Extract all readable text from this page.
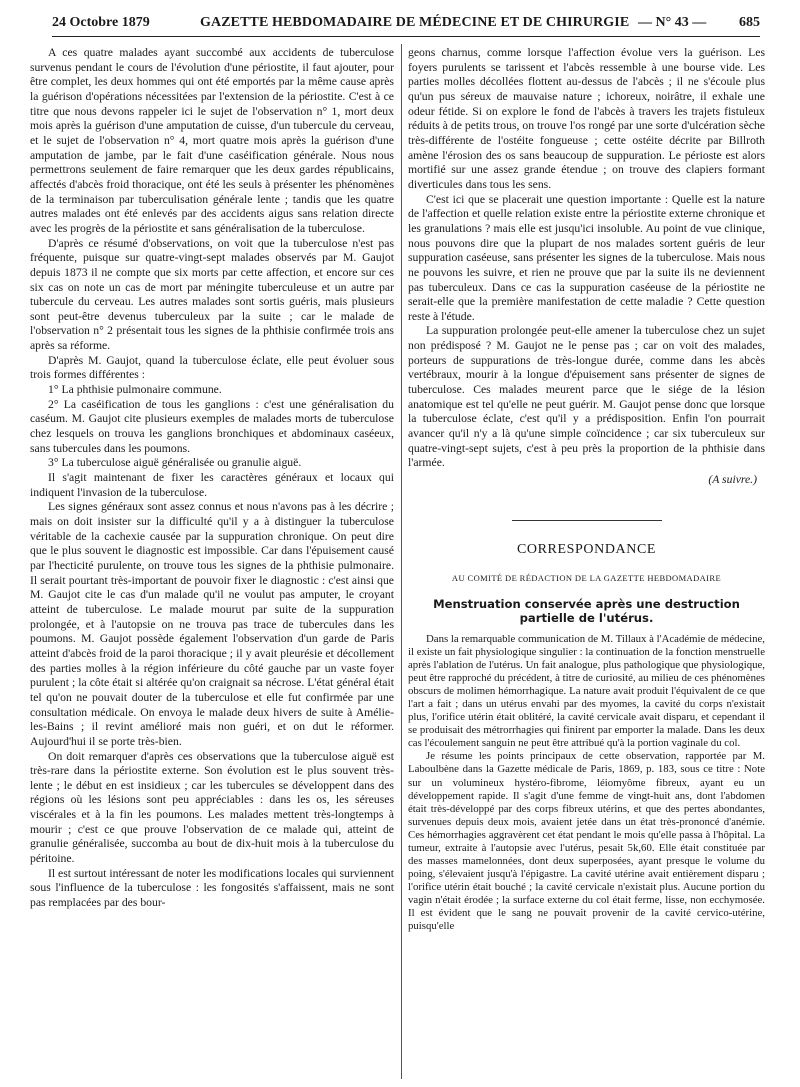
24 Octobre 1879	GAZETTE HEBDOMADAIRE DE MÉDECINE ET DE CHIRURGIE — N° 43 — 685

A ces quatre malades ayant succombé aux accidents de tuberculose survenus pendant le cours de l'évolution d'une périostite, il faut ajouter, pour être complet, les deux hommes qui ont été emportés par la même cause après la guérison d'opérations nécessitées par l'extension de la périostite. C'est à ce titre que nous devons rappeler ici le sujet de l'observation n° 1, mort deux mois après la guérison d'une amputation de cuisse, d'un tubercule du cerveau, et le sujet de l'observation n° 4, mort quatre mois après la guérison d'une amputation de jambe, par le fait d'une caséification générale. Nous nous permettrons seulement de faire remarquer que les deux gardes républicains, affectés d'abcès froid thoracique, ont été les seuls à présenter les phénomènes de la terminaison par tuberculisation générale lente ; tandis que les quatre autres malades ont été enlevés par des accidents aigus sans relation directe avec les progrès de la périostite et sans généralisation de la tuberculose.

D'après ce résumé d'observations, on voit que la tuberculose n'est pas fréquente, puisque sur quatre-vingt-sept malades observés par M. Gaujot depuis 1873 il ne compte que six morts par cette affection, et encore sur ces six cas on note un cas de mort par méningite tuberculeuse et un autre par tubercule du cerveau. Les autres malades sont sortis guéris, mais plusieurs sont peut-être devenus tuberculeux par la suite ; car le malade de l'observation n° 2 présentait tous les signes de la phthisie confirmée trois ans après sa réforme.

D'après M. Gaujot, quand la tuberculose éclate, elle peut évoluer sous trois formes différentes :

1° La phthisie pulmonaire commune.

2° La caséification de tous les ganglions : c'est une généralisation du caséum. M. Gaujot cite plusieurs exemples de malades morts de tuberculose chez lesquels on trouva les ganglions bronchiques et abdominaux caséeux, sans tubercules dans les poumons.

3° La tuberculose aiguë généralisée ou granulie aiguë.

Il s'agit maintenant de fixer les caractères généraux et locaux qui indiquent l'invasion de la tuberculose.

Les signes généraux sont assez connus et nous n'avons pas à les décrire ; mais on doit insister sur la difficulté qu'il y a à distinguer la tuberculose véritable de la cachexie causée par la suppuration chronique. On peut dire que le plus souvent le diagnostic est impossible. Car dans l'épuisement causé par l'hecticité purulente, on trouve tous les signes de la phthisie pulmonaire. Il serait pourtant très-important de pouvoir fixer le diagnostic : c'est ainsi que M. Gaujot cite le cas d'un malade qu'il ne voulut pas amputer, le croyant atteint de tuberculose. Le malade mourut par suite de la suppuration prolongée, et à l'autopsie on ne trouva pas trace de tubercules dans les poumons. M. Gaujot possède également l'observation d'un garde de Paris atteint d'abcès froid de la paroi thoracique ; il y avait pleurésie et décollement des parties molles à la région inférieure du côté gauche par un vaste foyer purulent ; la côte était si altérée qu'on craignait sa nécrose. L'état général était tel qu'on ne pouvait douter de la tuberculose et elle fut confirmée par une consultation médicale. On envoya le malade deux hivers de suite à Amélie-les-Bains ; il revint amélioré mais non guéri, et on dut le réformer. Aujourd'hui il se porte très-bien.

On doit remarquer d'après ces observations que la tuberculose aiguë est très-rare dans la périostite externe. Son évolution est le plus souvent très-lente ; le début en est insidieux ; car les tubercules se développent dans des régions où les lésions sont peu appréciables : dans les os, les séreuses viscérales et à la fin les poumons. Les malades mettent très-longtemps à mourir ; c'est ce que prouve l'observation de ce malade qui, atteint de granulie généralisée, succomba au bout de dix-huit mois à la tuberculose du péritoine.

Il est surtout intéressant de noter les modifications locales qui surviennent sous l'influence de la tuberculose : les fongosités s'affaissent, mais ne sont pas remplacées par des bour-

geons charnus, comme lorsque l'affection évolue vers la guérison. Les foyers purulents se tarissent et l'abcès ressemble à une bourse vide. Les parties molles décollées flottent au-dessus de l'abcès ; il ne s'écoule plus qu'un pus séreux de mauvaise nature ; ichoreux, noirâtre, il exhale une odeur fétide. Si on explore le fond de l'abcès à travers les trajets fistuleux réduits à de petits trous, on trouve l'os rongé par une sorte d'ulcération sèche très-différente de l'ostéite fongueuse ; cette ostéite décrite par Billroth amène l'érosion des os sans beaucoup de suppuration. Le périoste est alors mortifié sur une assez grande étendue ; on trouve des clapiers formant diverticules dans tous les sens.

C'est ici que se placerait une question importante : Quelle est la nature de l'affection et quelle relation existe entre la périostite externe chronique et les granulations ? mais elle est jusqu'ici insoluble. Au point de vue clinique, nous pouvons dire que la plupart de nos malades sortent guéris de leur suppuration caséeuse, sans présenter les signes de la tuberculose. Mais nous ne pouvons les suivre, et rien ne prouve que par la suite ils ne deviennent pas tuberculeux. Dans ce cas la suppuration caséeuse de la périostite ne serait-elle que la première manifestation de cette maladie ? Cette question reste à l'étude.

La suppuration prolongée peut-elle amener la tuberculose chez un sujet non prédisposé ? M. Gaujot ne le pense pas ; car on voit des malades, porteurs de suppurations de très-longue durée, comme dans les abcès vertébraux, mourir à la longue d'épuisement sans présenter de signes de tuberculose. Ces malades meurent parce que le siége de la lésion anatomique est tel qu'elle ne peut guérir. M. Gaujot pense donc que lorsque la tuberculose éclate, c'est qu'il y a prédisposition. Enfin l'on pourrait avancer qu'il n'y a là qu'une simple coïncidence ; car six tuberculeux sur quatre-vingt-sept sujets, c'est à peu près la proportion de la phthisie dans l'armée.

(A suivre.)

CORRESPONDANCE

AU COMITÉ DE RÉDACTION DE LA GAZETTE HEBDOMADAIRE

Menstruation conservée après une destruction partielle de l'utérus.

Dans la remarquable communication de M. Tillaux à l'Académie de médecine, il existe un fait physiologique singulier : la continuation de la fonction menstruelle après l'ablation de l'utérus. Un fait analogue, plus pathologique que physiologique, peut être rapproché du précédent, à titre de curiosité, au milieu de ces phénomènes obscurs de molimen hémorrhagique. La nature avait produit l'équivalent de ce que l'art a fait ; dans un utérus envahi par des myomes, la cavité du corps n'existait plus, l'orifice utérin était oblitéré, la cavité cervicale avait disparu, et cependant il se produisait des métrorrhagies qui finirent par emporter la malade. Dans les deux cas l'écoulement sanguin ne peut être attribué qu'à la portion vaginale du col.

Je résume les points principaux de cette observation, rapportée par M. Laboulbène dans la Gazette médicale de Paris, 1869, p. 183, sous ce titre : Note sur un volumineux hystéro-fibrome, léiomyôme fibreux, ayant eu un développement rapide. Il s'agit d'une femme de vingt-huit ans, dont l'abdomen était très-développé par des corps fibreux utérins, et que des pertes abondantes, survenues depuis deux mois, avaient jetée dans un état très-prononcé d'anémie. Ces hémorrhagies aggravèrent cet état pendant le mois qu'elle passa à l'hôpital. La tumeur, extraite à l'autopsie avec l'utérus, pesait 5k,60. Elle était constituée par des masses mamelonnées, dont deux superposées, ayant presque le volume du poing, s'élevaient jusqu'à l'épigastre. La cavité utérine avait entièrement disparu ; l'orifice utérin était bouché ; la cavité cervicale n'existait plus. Aucune portion du vagin n'était érodée ; la surface externe du col était ferme, lisse, non ecchymosée. Il est évident que le sang ne pouvait provenir de la cavité cervico-utérine, puisqu'elle
